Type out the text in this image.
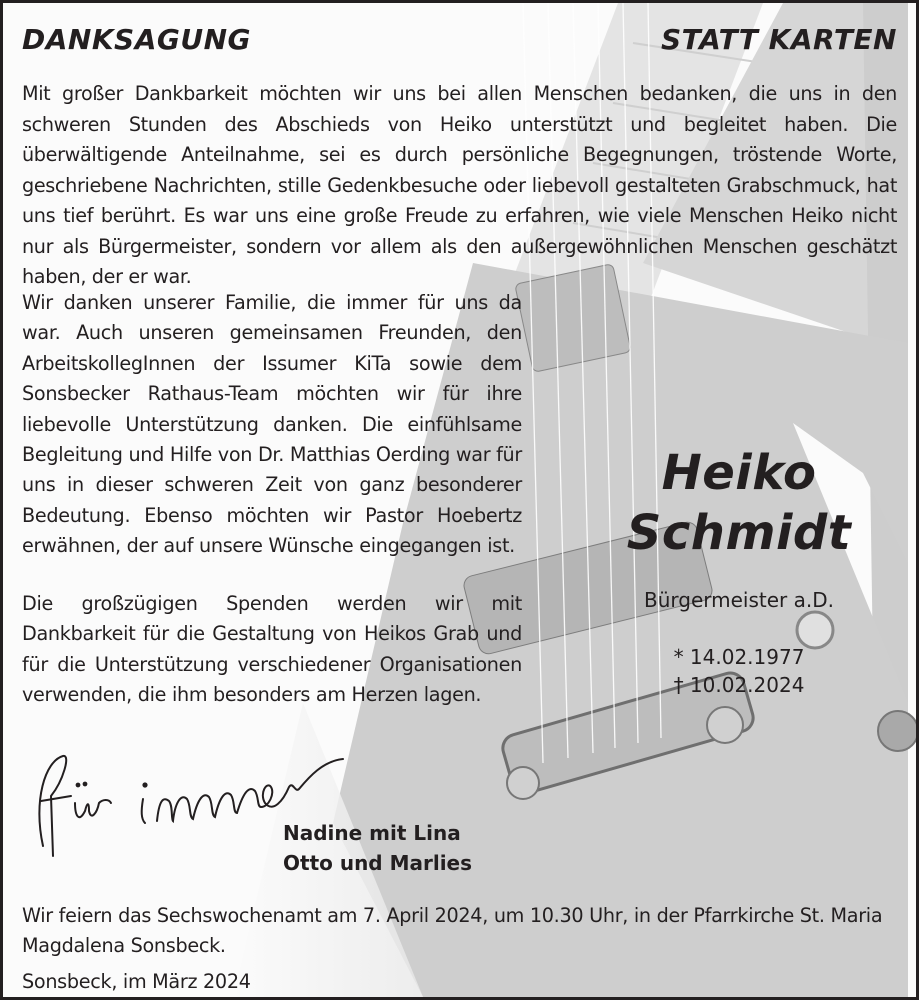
DANKSAGUNG	STATT KARTEN
Mit großer Dankbarkeit möchten wir uns bei allen Menschen bedanken, die uns in den schweren Stunden des Abschieds von Heiko unterstützt und begleitet haben. Die überwältigende Anteilnahme, sei es durch persönliche Begegnungen, tröstende Worte, geschriebene Nachrichten, stille Gedenkbesuche oder liebevoll gestalteten Grabschmuck, hat uns tief berührt. Es war uns eine große Freude zu erfahren, wie viele Menschen Heiko nicht nur als Bürgermeister, sondern vor allem als den außergewöhnlichen Menschen geschätzt haben, der er war.

Wir danken unserer Familie, die immer für uns da war. Auch unseren gemeinsamen Freunden, den ArbeitskollegInnen der Issumer KiTa sowie dem Sonsbecker Rathaus-Team möchten wir für ihre liebevolle Unterstützung danken. Die einfühlsame Begleitung und Hilfe von Dr. Matthias Oerding war für uns in dieser schweren Zeit von ganz besonderer Bedeutung. Ebenso möchten wir Pastor Hoebertz erwähnen, der auf unsere Wünsche eingegangen ist.

Die großzügigen Spenden werden wir mit Dankbarkeit für die Gestaltung von Heikos Grab und für die Unterstützung verschiedener Organisationen verwenden, die ihm besonders am Herzen lagen.

Heiko
Schmidt
Bürgermeister a.D.
* 14.02.1977
† 10.02.2024
Nadine mit Lina
Otto und Marlies

Wir feiern das Sechswochenamt am 7. April 2024, um 10.30 Uhr, in der Pfarrkirche St. Maria Magdalena Sonsbeck.

Sonsbeck, im März 2024
